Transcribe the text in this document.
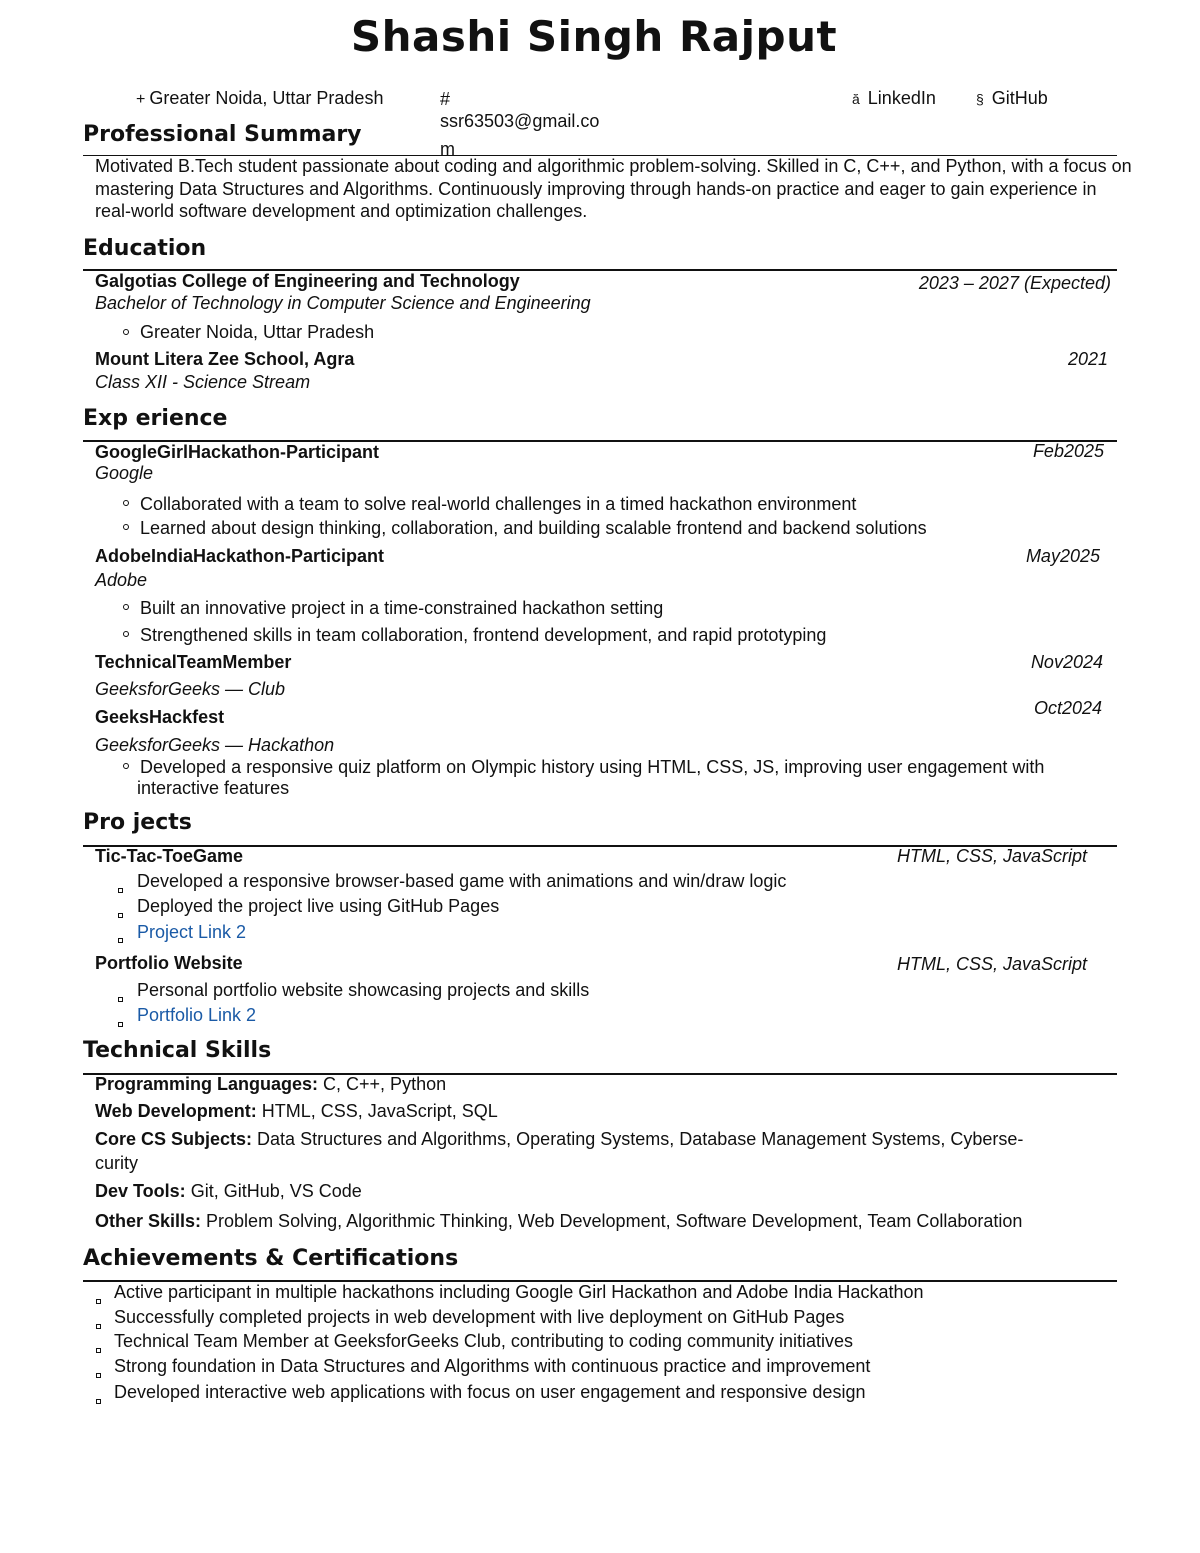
Shashi Singh Rajput
+ Greater Noida, Uttar Pradesh	#
ssr63503@gmail.co
m
ă LinkedIn	§ GitHub
Professional Summary

Motivated B.Tech student passionate about coding and algorithmic problem-solving. Skilled in C, C++, and Python, with a focus on mastering Data Structures and Algorithms. Continuously improving through hands-on practice and eager to gain experience in real-world software development and optimization challenges.

Education
Galgotias College of Engineering and Technology	2023 – 2027 (Expected)
Bachelor of Technology in Computer Science and Engineering
Greater Noida, Uttar Pradesh
Mount Litera Zee School, Agra	2021
Class XII - Science Stream
Exp erience
GoogleGirlHackathon-Participant	Feb2025
Google
Collaborated with a team to solve real-world challenges in a timed hackathon environment
Learned about design thinking, collaboration, and building scalable frontend and backend solutions
AdobeIndiaHackathon-Participant	May2025
Adobe
Built an innovative project in a time-constrained hackathon setting
Strengthened skills in team collaboration, frontend development, and rapid prototyping
TechnicalTeamMember	Nov2024
GeeksforGeeks — Club
GeeksHackfest	Oct2024
GeeksforGeeks — Hackathon
Developed a responsive quiz platform on Olympic history using HTML, CSS, JS, improving user engagement with
interactive features
Pro jects
Tic-Tac-ToeGame	HTML, CSS, JavaScript
Developed a responsive browser-based game with animations and win/draw logic
Deployed the project live using GitHub Pages
Project Link 2
Portfolio Website	HTML, CSS, JavaScript
Personal portfolio website showcasing projects and skills
Portfolio Link 2
Technical Skills
Programming Languages: C, C++, Python
Web Development: HTML, CSS, JavaScript, SQL
Core CS Subjects: Data Structures and Algorithms, Operating Systems, Database Management Systems, Cyberse-
curity
Dev Tools: Git, GitHub, VS Code
Other Skills: Problem Solving, Algorithmic Thinking, Web Development, Software Development, Team Collaboration
Achievements & Certifications
Active participant in multiple hackathons including Google Girl Hackathon and Adobe India Hackathon
Successfully completed projects in web development with live deployment on GitHub Pages
Technical Team Member at GeeksforGeeks Club, contributing to coding community initiatives
Strong foundation in Data Structures and Algorithms with continuous practice and improvement
Developed interactive web applications with focus on user engagement and responsive design
